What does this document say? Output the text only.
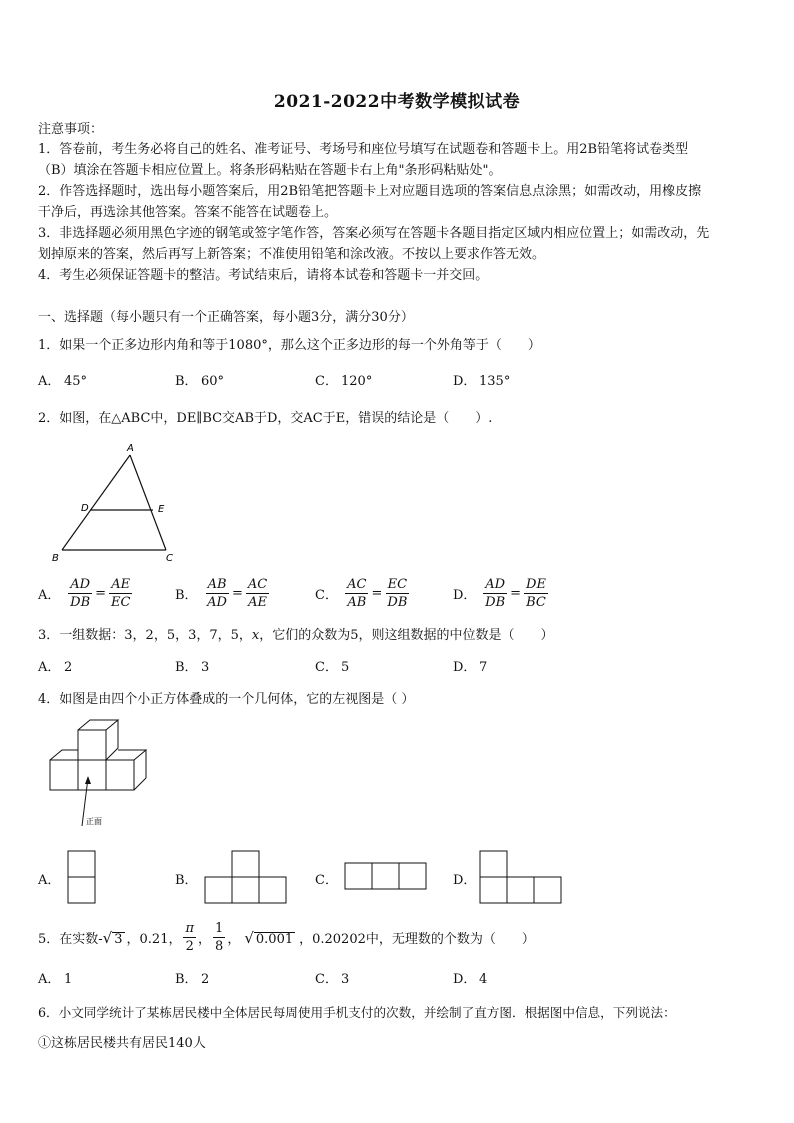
2021-2022中考数学模拟试卷
注意事项：
1．答卷前，考生务必将自己的姓名、准考证号、考场号和座位号填写在试题卷和答题卡上。用2B铅笔将试卷类型
（B）填涂在答题卡相应位置上。将条形码粘贴在答题卡右上角"条形码粘贴处"。
2．作答选择题时，选出每小题答案后，用2B铅笔把答题卡上对应题目选项的答案信息点涂黑；如需改动，用橡皮擦
干净后，再选涂其他答案。答案不能答在试题卷上。
3．非选择题必须用黑色字迹的钢笔或签字笔作答，答案必须写在答题卡各题目指定区域内相应位置上；如需改动，先
划掉原来的答案，然后再写上新答案；不准使用铅笔和涂改液。不按以上要求作答无效。
4．考生必须保证答题卡的整洁。考试结束后，请将本试卷和答题卡一并交回。
一、选择题（每小题只有一个正确答案，每小题3分，满分30分）
1．如果一个正多边形内角和等于1080°，那么这个正多边形的每一个外角等于（　　）
A． 45°	B． 60°	C． 120°	D． 135°
2．如图，在△ABC中，DE∥BC交AB于D，交AC于E，错误的结论是（　　）.
A
D	E
B	C
A． $\frac{AD}{DB} = \frac{AE}{EC}$	B． $\frac{AB}{AD} = \frac{AC}{AE}$	C． $\frac{AC}{AB} = \frac{EC}{DB}$	D． $\frac{AD}{DB} = \frac{DE}{BC}$
3．一组数据：3，2，5，3，7，5，x，它们的众数为5，则这组数据的中位数是（　　）
A． 2	B． 3	C． 5	D． 7
4．如图是由四个小正方体叠成的一个几何体，它的左视图是（ ）
正面
A．	B．	C．	D．
5．在实数- √ 3 ，0.21， $\frac{\pi}{2}$ ， $\frac{1}{8}$ ， √ 0.001 ，0.20202中，无理数的个数为（　　）
A． 1	B． 2	C． 3	D． 4
6．小文同学统计了某栋居民楼中全体居民每周使用手机支付的次数，并绘制了直方图．根据图中信息，下列说法：
①这栋居民楼共有居民140人
